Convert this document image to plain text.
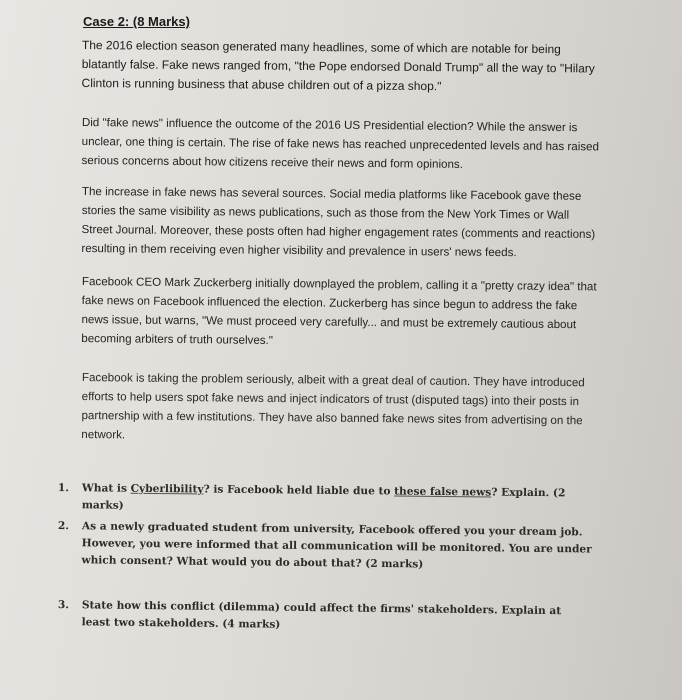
Case 2: (8 Marks)

The 2016 election season generated many headlines, some of which are notable for being blatantly false. Fake news ranged from, "the Pope endorsed Donald Trump" all the way to "Hilary Clinton is running business that abuse children out of a pizza shop."

Did "fake news" influence the outcome of the 2016 US Presidential election? While the answer is unclear, one thing is certain. The rise of fake news has reached unprecedented levels and has raised serious concerns about how citizens receive their news and form opinions.

The increase in fake news has several sources. Social media platforms like Facebook gave these stories the same visibility as news publications, such as those from the New York Times or Wall Street Journal. Moreover, these posts often had higher engagement rates (comments and reactions) resulting in them receiving even higher visibility and prevalence in users' news feeds.

Facebook CEO Mark Zuckerberg initially downplayed the problem, calling it a "pretty crazy idea" that fake news on Facebook influenced the election. Zuckerberg has since begun to address the fake news issue, but warns, "We must proceed very carefully... and must be extremely cautious about becoming arbiters of truth ourselves."

Facebook is taking the problem seriously, albeit with a great deal of caution. They have introduced efforts to help users spot fake news and inject indicators of trust (disputed tags) into their posts in partnership with a few institutions. They have also banned fake news sites from advertising on the network.

1.	What is Cyberlibility? is Facebook held liable due to these false news? Explain. (2 marks)
2.	As a newly graduated student from university, Facebook offered you your dream job. However, you were informed that all communication will be monitored. You are under which consent? What would you do about that? (2 marks)
3.	State how this conflict (dilemma) could affect the firms' stakeholders. Explain at least two stakeholders. (4 marks)
